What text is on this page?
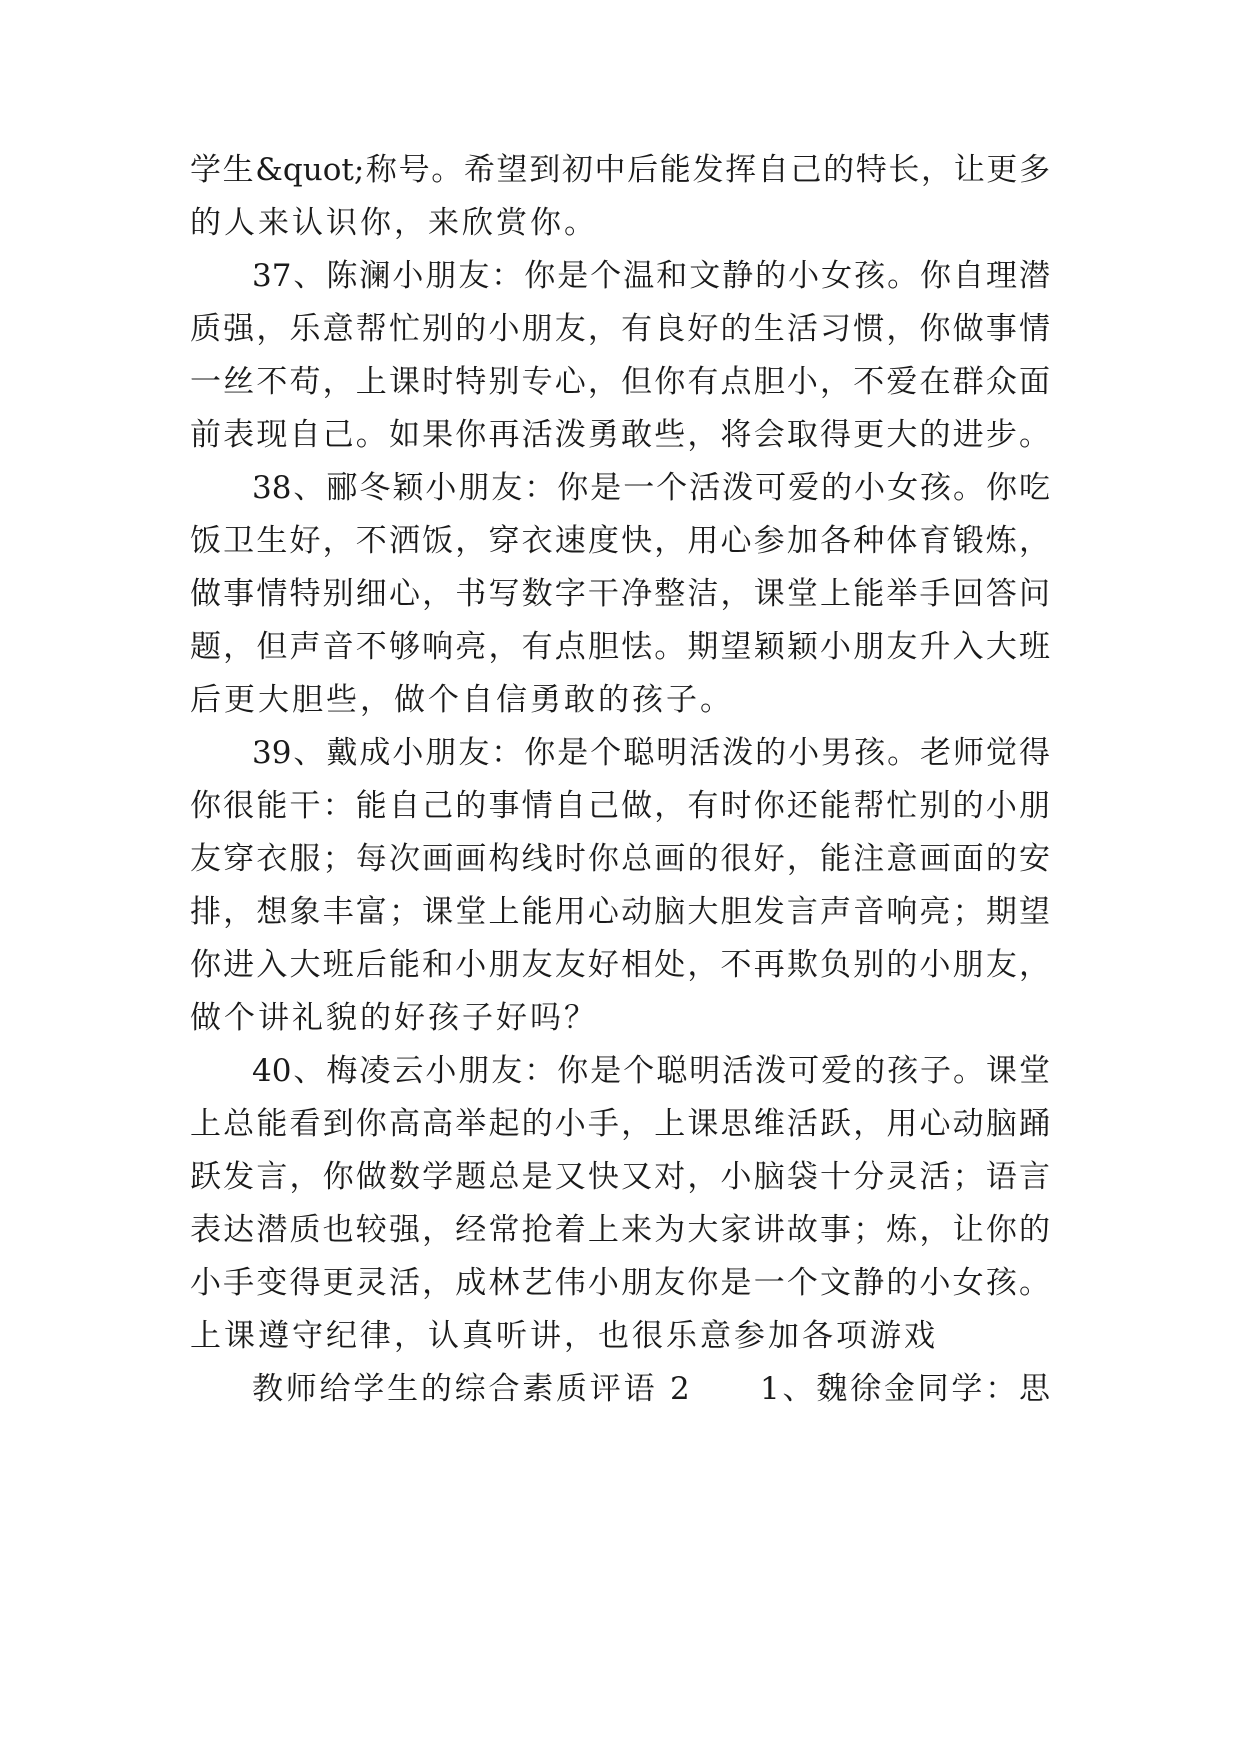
学生&quot;称号。希望到初中后能发挥自己的特长，让更多
的人来认识你，来欣赏你。
37、陈澜小朋友：你是个温和文静的小女孩。你自理潜
质强，乐意帮忙别的小朋友，有良好的生活习惯，你做事情
一丝不苟，上课时特别专心，但你有点胆小，不爱在群众面
前表现自己。如果你再活泼勇敢些，将会取得更大的进步。
38、郦冬颖小朋友：你是一个活泼可爱的小女孩。你吃
饭卫生好，不洒饭，穿衣速度快，用心参加各种体育锻炼，
做事情特别细心，书写数字干净整洁，课堂上能举手回答问
题，但声音不够响亮，有点胆怯。期望颖颖小朋友升入大班
后更大胆些，做个自信勇敢的孩子。
39、戴成小朋友：你是个聪明活泼的小男孩。老师觉得
你很能干：能自己的事情自己做，有时你还能帮忙别的小朋
友穿衣服；每次画画构线时你总画的很好，能注意画面的安
排，想象丰富；课堂上能用心动脑大胆发言声音响亮；期望
你进入大班后能和小朋友友好相处，不再欺负别的小朋友，
做个讲礼貌的好孩子好吗？
40、梅凌云小朋友：你是个聪明活泼可爱的孩子。课堂
上总能看到你高高举起的小手，上课思维活跃，用心动脑踊
跃发言，你做数学题总是又快又对，小脑袋十分灵活；语言
表达潜质也较强，经常抢着上来为大家讲故事；炼，让你的
小手变得更灵活，成林艺伟小朋友你是一个文静的小女孩。
上课遵守纪律，认真听讲，也很乐意参加各项游戏
教师给学生的综合素质评语 2　　1、魏徐金同学：思
